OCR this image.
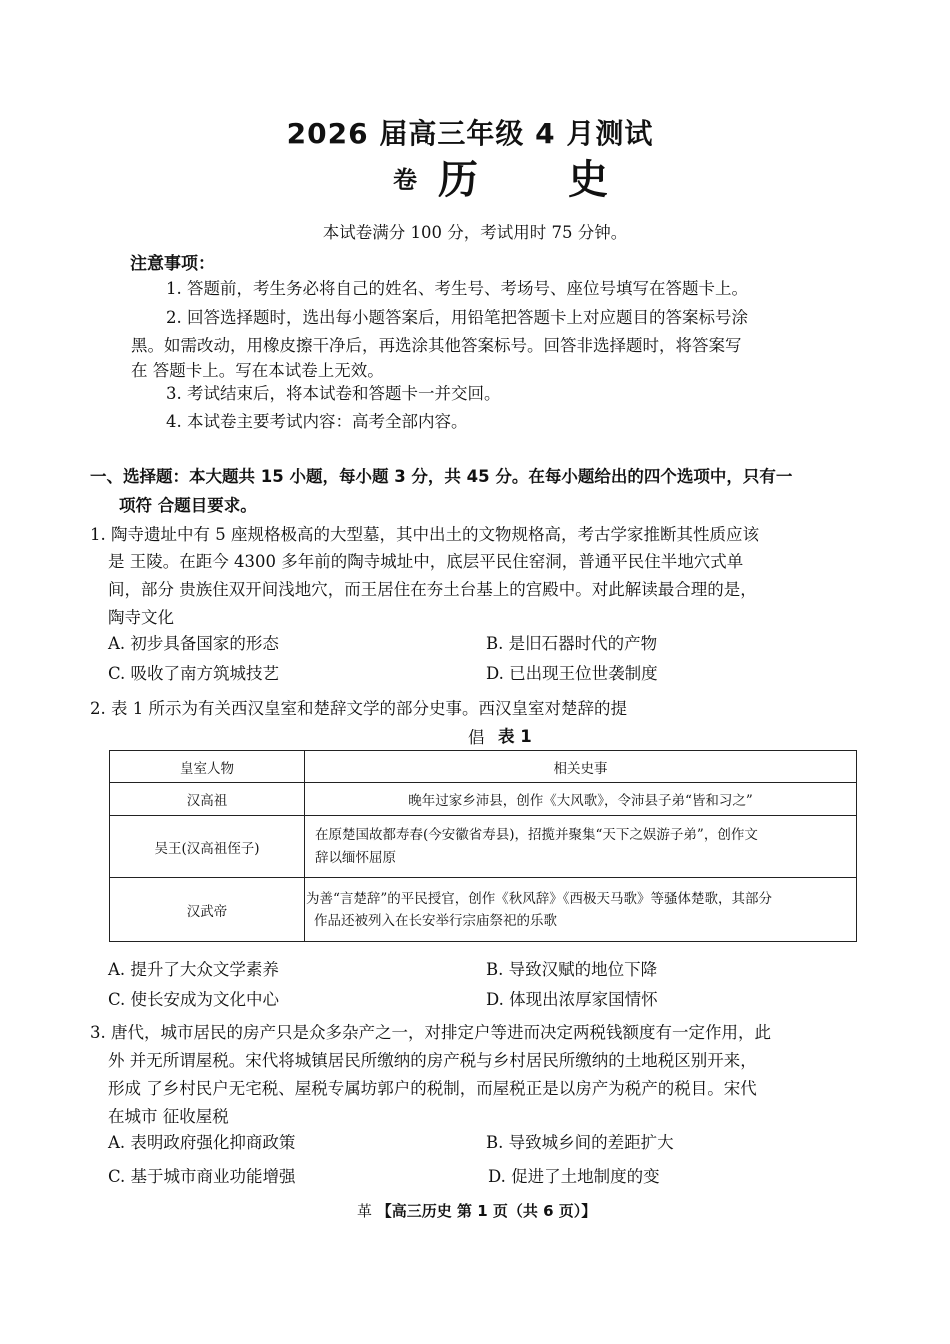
2026 届高三年级 4 月测试
卷 历 史
本试卷满分 100 分，考试用时 75 分钟。
注意事项：
1. 答题前，考生务必将自己的姓名、考生号、考场号、座位号填写在答题卡上。
2. 回答选择题时，选出每小题答案后，用铅笔把答题卡上对应题目的答案标号涂
黑。如需改动，用橡皮擦干净后，再选涂其他答案标号。回答非选择题时，将答案写
在 答题卡上。写在本试卷上无效。
3. 考试结束后，将本试卷和答题卡一并交回。
4. 本试卷主要考试内容：高考全部内容。
一、选择题：本大题共 15 小题，每小题 3 分，共 45 分。在每小题给出的四个选项中，只有一
项符 合题目要求。
1. 陶寺遗址中有 5 座规格极高的大型墓，其中出土的文物规格高，考古学家推断其性质应该
是 王陵。在距今 4300 多年前的陶寺城址中，底层平民住窑洞，普通平民住半地穴式单
间，部分 贵族住双开间浅地穴，而王居住在夯土台基上的宫殿中。对此解读最合理的是，
陶寺文化
A. 初步具备国家的形态	B. 是旧石器时代的产物
C. 吸收了南方筑城技艺	D. 已出现王位世袭制度
2. 表 1 所示为有关西汉皇室和楚辞文学的部分史事。西汉皇室对楚辞的提
倡 表 1
皇室人物	相关史事
汉高祖	晚年过家乡沛县，创作《大风歌》，令沛县子弟“皆和习之”
吴王(汉高祖侄子)	在原楚国故都寿春(今安徽省寿县)，招揽并聚集“天下之娱游子弟”，创作文
辞以缅怀屈原

汉武帝	为善“言楚辞”的平民授官，创作《秋风辞》《西极天马歌》等骚体楚歌，其部分
作品还被列入在长安举行宗庙祭祀的乐歌
A. 提升了大众文学素养	B. 导致汉赋的地位下降
C. 使长安成为文化中心	D. 体现出浓厚家国情怀
3. 唐代，城市居民的房产只是众多杂产之一，对排定户等进而决定两税钱额度有一定作用，此
外 并无所谓屋税。宋代将城镇居民所缴纳的房产税与乡村居民所缴纳的土地税区别开来，
形成 了乡村民户无宅税、屋税专属坊郭户的税制，而屋税正是以房产为税产的税目。宋代
在城市 征收屋税
A. 表明政府强化抑商政策	B. 导致城乡间的差距扩大
C. 基于城市商业功能增强	D. 促进了土地制度的变
革 【高三历史 第 1 页（共 6 页）】
